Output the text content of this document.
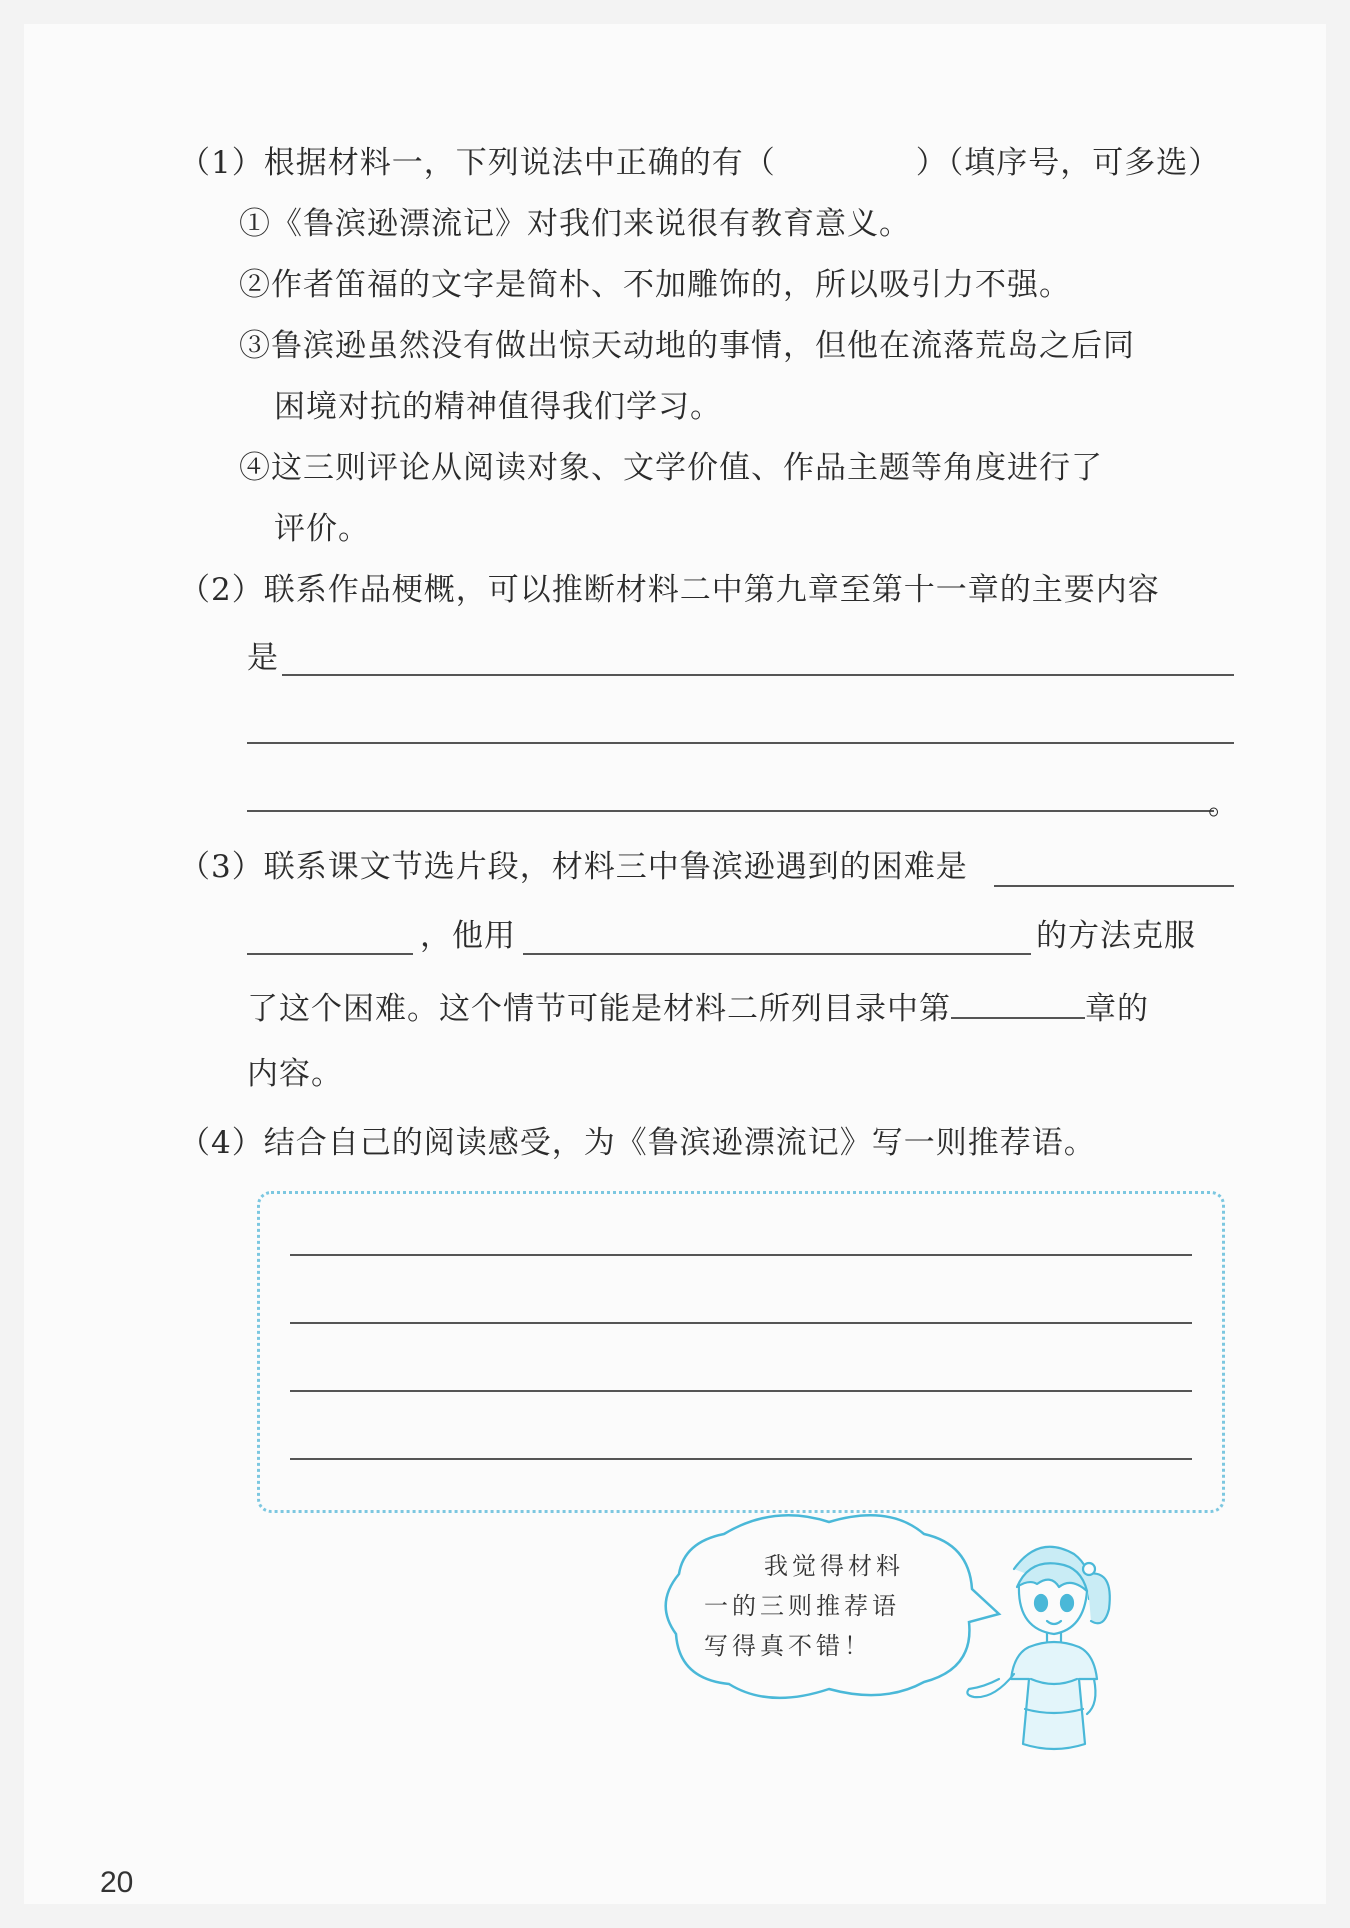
（1）根据材料一，下列说法中正确的有（	）（填序号，可多选）
①《鲁滨逊漂流记》对我们来说很有教育意义。
②作者笛福的文字是简朴、不加雕饰的，所以吸引力不强。
③鲁滨逊虽然没有做出惊天动地的事情，但他在流落荒岛之后同
困境对抗的精神值得我们学习。
④这三则评论从阅读对象、文学价值、作品主题等角度进行了
评价。
（2）联系作品梗概，可以推断材料二中第九章至第十一章的主要内容
是
。
（3）联系课文节选片段，材料三中鲁滨逊遇到的困难是
，他用	的方法克服
了这个困难。这个情节可能是材料二所列目录中第	章的
内容。
（4）结合自己的阅读感受，为《鲁滨逊漂流记》写一则推荐语。
我觉得材料
一的三则推荐语
写得真不错！
20
